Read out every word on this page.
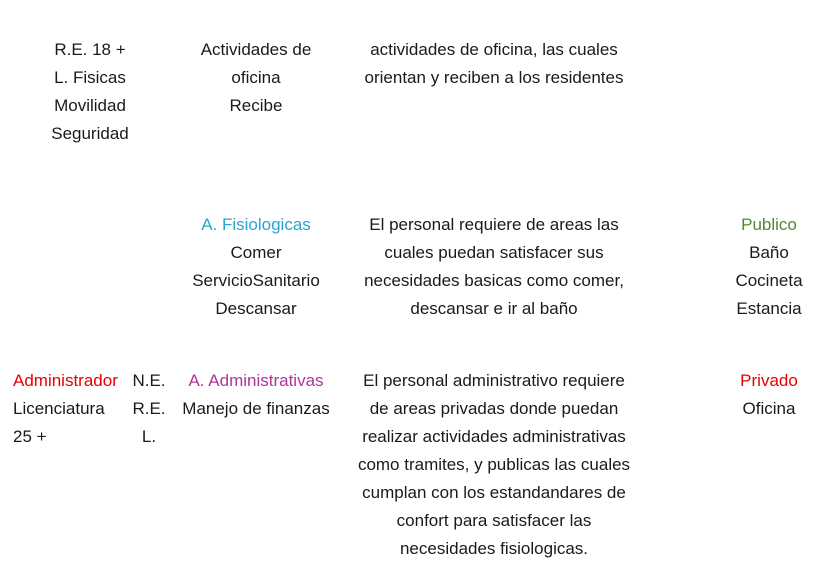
R.E. 18 +
L. Fisicas
Movilidad
Seguridad
Actividades de
oficina
Recibe
actividades de oficina, las cuales
orientan y reciben a los residentes
A. Fisiologicas
Comer
ServicioSanitario
Descansar
El personal requiere de areas las
cuales puedan satisfacer sus
necesidades basicas como comer,
descansar e ir al baño
Publico
Baño
Cocineta
Estancia
Administrador
Licenciatura
25 +
N.E.
R.E.
L.
A. Administrativas
Manejo de finanzas
El personal administrativo requiere
de areas privadas donde puedan
realizar actividades administrativas
como tramites, y publicas las cuales
cumplan con los estandandares de
confort para satisfacer las
necesidades fisiologicas.
Privado
Oficina
